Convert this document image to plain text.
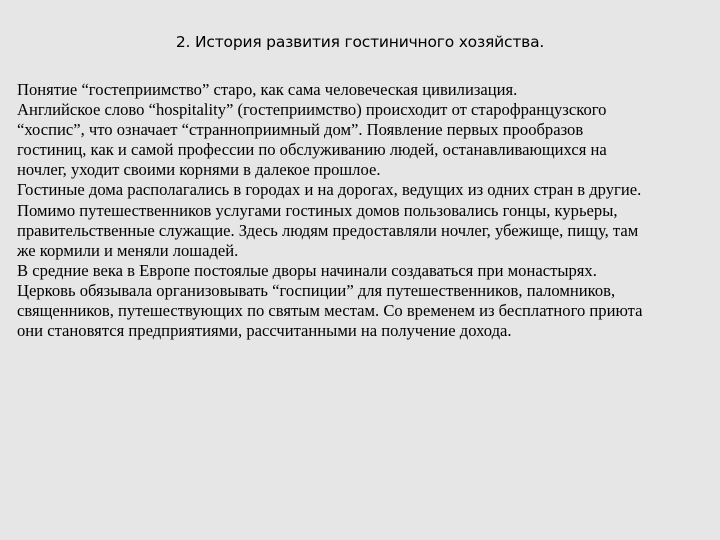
2. История развития гостиничного хозяйства.
Понятие “гостеприимство” старо, как сама человеческая цивилизация.
Английское слово “hospitality” (гостеприимство) происходит от старофранцузского
“хоспис”, что означает “странноприимный дом”. Появление первых прообразов
гостиниц, как и самой профессии по обслуживанию людей, останавливающихся на
ночлег, уходит своими корнями в далекое прошлое.
Гостиные дома располагались в городах и на дорогах, ведущих из одних стран в другие.
Помимо путешественников услугами гостиных домов пользовались гонцы, курьеры,
правительственные служащие. Здесь людям предоставляли ночлег, убежище, пищу, там
же кормили и меняли лошадей.
В средние века в Европе постоялые дворы начинали создаваться при монастырях.
Церковь обязывала организовывать “госпиции” для путешественников, паломников,
священников, путешествующих по святым местам. Со временем из бесплатного приюта
они становятся предприятиями, рассчитанными на получение дохода.
